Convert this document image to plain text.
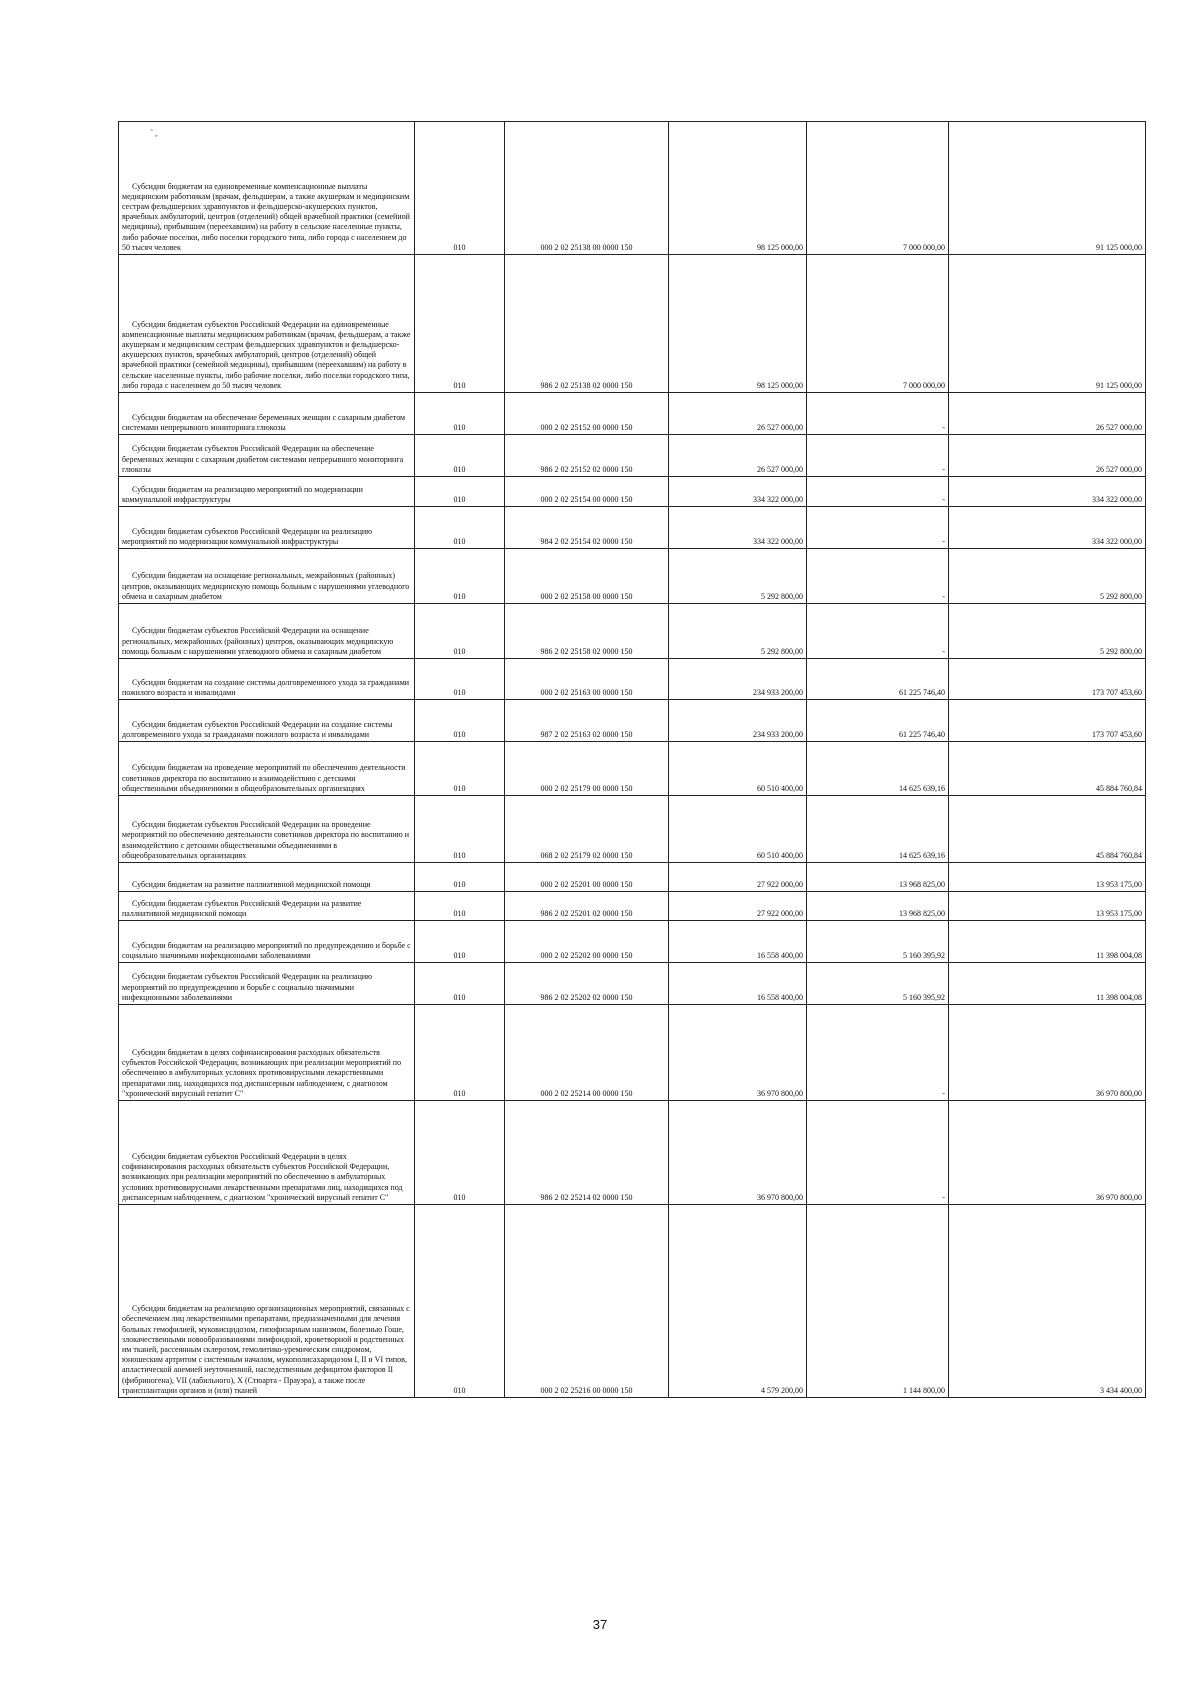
˜ ₑ
Субсидии бюджетам на единовременные компенсационные выплаты медицинским работникам (врачам, фельдшерам, а также акушеркам и медицинским сестрам фельдшерских здравпунктов и фельдшерско-акушерских пунктов, врачебных амбулаторий, центров (отделений) общей врачебной практики (семейной медицины), прибывшим (переехавшим) на работу в сельские населенные пункты, либо рабочие поселки, либо поселки городского типа, либо города с населением до 50 тысяч человек	010	000 2 02 25138 00 0000 150	98 125 000,00	7 000 000,00	91 125 000,00
Субсидии бюджетам субъектов Российской Федерации на единовременные компенсационные выплаты медицинским работникам (врачам, фельдшерам, а также акушеркам и медицинским сестрам фельдшерских здравпунктов и фельдшерско-акушерских пунктов, врачебных амбулаторий, центров (отделений) общей врачебной практики (семейной медицины), прибывшим (переехавшим) на работу в сельские населенные пункты, либо рабочие поселки, либо поселки городского типа, либо города с населением до 50 тысяч человек	010	986 2 02 25138 02 0000 150	98 125 000,00	7 000 000,00	91 125 000,00
Субсидии бюджетам на обеспечение беременных женщин с сахарным диабетом системами непрерывного мониторинга глюкозы	010	000 2 02 25152 00 0000 150	26 527 000,00	-	26 527 000,00
Субсидии бюджетам субъектов Российской Федерации на обеспечение беременных женщин с сахарным диабетом системами непрерывного мониторинга глюкозы	010	986 2 02 25152 02 0000 150	26 527 000,00	-	26 527 000,00
Субсидии бюджетам на реализацию мероприятий по модернизации коммунальной инфраструктуры	010	000 2 02 25154 00 0000 150	334 322 000,00	-	334 322 000,00
Субсидии бюджетам субъектов Российской Федерации на реализацию мероприятий по модернизации коммунальной инфраструктуры	010	984 2 02 25154 02 0000 150	334 322 000,00	-	334 322 000,00
Субсидии бюджетам на оснащение региональных, межрайонных (районных) центров, оказывающих медицинскую помощь больным с нарушениями углеводного обмена и сахарным диабетом	010	000 2 02 25158 00 0000 150	5 292 800,00	-	5 292 800,00
Субсидии бюджетам субъектов Российской Федерации на оснащение региональных, межрайонных (районных) центров, оказывающих медицинскую помощь больным с нарушениями углеводного обмена и сахарным диабетом	010	986 2 02 25158 02 0000 150	5 292 800,00	-	5 292 800,00
Субсидии бюджетам на создание системы долговременного ухода за гражданами пожилого возраста и инвалидами	010	000 2 02 25163 00 0000 150	234 933 200,00	61 225 746,40	173 707 453,60
Субсидии бюджетам субъектов Российской Федерации на создание системы долговременного ухода за гражданами пожилого возраста и инвалидами	010	987 2 02 25163 02 0000 150	234 933 200,00	61 225 746,40	173 707 453,60
Субсидии бюджетам на проведение мероприятий по обеспечению деятельности советников директора по воспитанию и взаимодействию с детскими общественными объединениями в общеобразовательных организациях	010	000 2 02 25179 00 0000 150	60 510 400,00	14 625 639,16	45 884 760,84
Субсидии бюджетам субъектов Российской Федерации на проведение мероприятий по обеспечению деятельности советников директора по воспитанию и взаимодействию с детскими общественными объединениями в общеобразовательных организациях	010	068 2 02 25179 02 0000 150	60 510 400,00	14 625 639,16	45 884 760,84
Субсидии бюджетам на развитие паллиативной медицинской помощи	010	000 2 02 25201 00 0000 150	27 922 000,00	13 968 825,00	13 953 175,00
Субсидии бюджетам субъектов Российской Федерации на развитие паллиативной медицинской помощи	010	986 2 02 25201 02 0000 150	27 922 000,00	13 968 825,00	13 953 175,00
Субсидии бюджетам на реализацию мероприятий по предупреждению и борьбе с социально значимыми инфекционными заболеваниями	010	000 2 02 25202 00 0000 150	16 558 400,00	5 160 395,92	11 398 004,08
Субсидии бюджетам субъектов Российской Федерации на реализацию мероприятий по предупреждению и борьбе с социально значимыми инфекционными заболеваниями	010	986 2 02 25202 02 0000 150	16 558 400,00	5 160 395,92	11 398 004,08
Субсидии бюджетам в целях софинансирования расходных обязательств субъектов Российской Федерации, возникающих при реализации мероприятий по обеспечению в амбулаторных условиях противовирусными лекарственными препаратами лиц, находящихся под диспансерным наблюдением, с диагнозом "хронический вирусный гепатит C"	010	000 2 02 25214 00 0000 150	36 970 800,00	-	36 970 800,00
Субсидии бюджетам субъектов Российской Федерации в целях софинансирования расходных обязательств субъектов Российской Федерации, возникающих при реализации мероприятий по обеспечению в амбулаторных условиях противовирусными лекарственными препаратами лиц, находящихся под диспансерным наблюдением, с диагнозом "хронический вирусный гепатит C"	010	986 2 02 25214 02 0000 150	36 970 800,00	-	36 970 800,00
Субсидии бюджетам на реализацию организационных мероприятий, связанных с обеспечением лиц лекарственными препаратами, предназначенными для лечения больных гемофилией, муковисцидозом, гипофизарным нанизмом, болезнью Гоше, злокачественными новообразованиями лимфоидной, кроветворной и родственных им тканей, рассеянным склерозом, гемолитико-уремическим синдромом, юношеским артритом с системным началом, мукополисахаридозом I, II и VI типов, апластической анемией неуточненной, наследственным дефицитом факторов II (фибриногена), VII (лабильного), X (Стюарта - Прауэра), а также после трансплантации органов и (или) тканей	010	000 2 02 25216 00 0000 150	4 579 200,00	1 144 800,00	3 434 400,00
37
